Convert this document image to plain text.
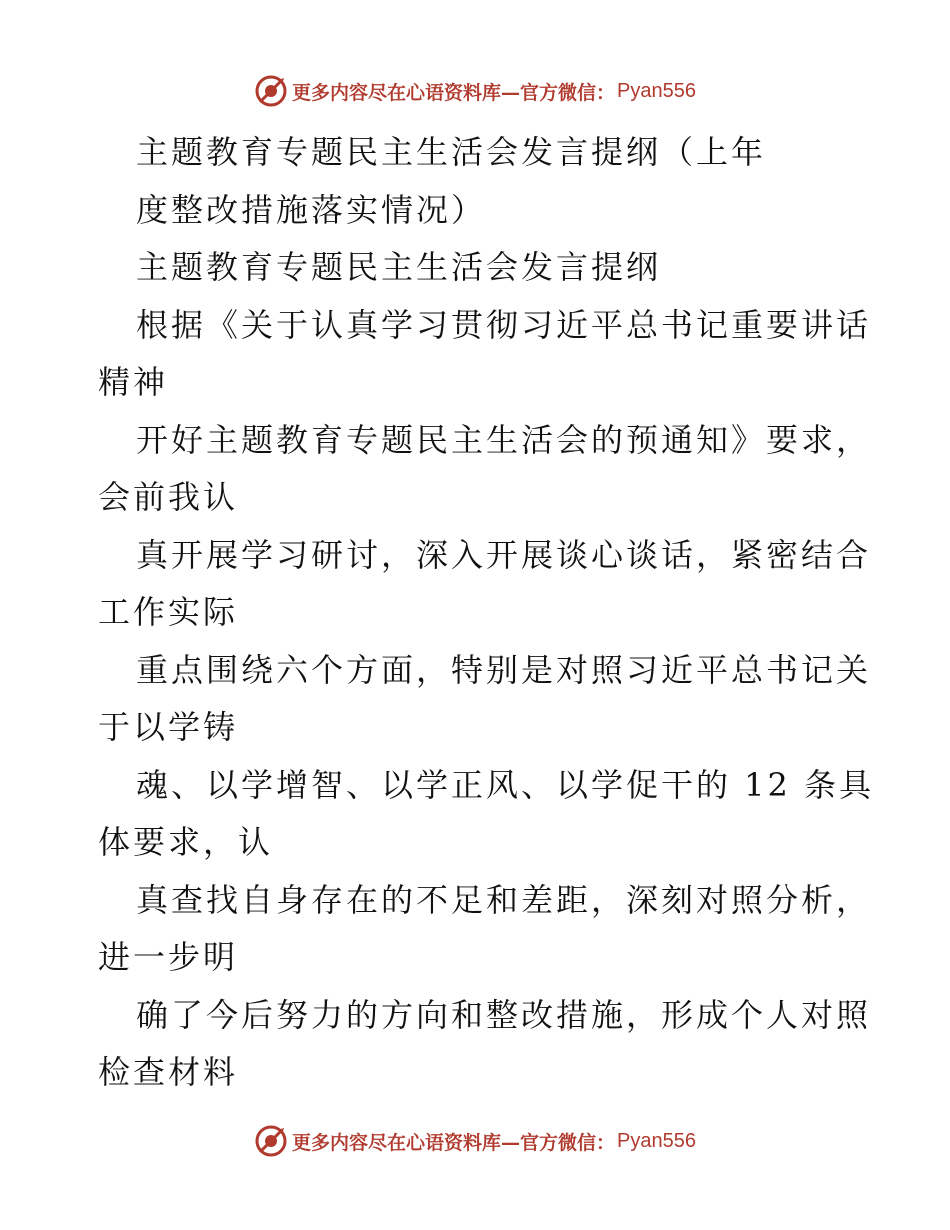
更多内容尽在心语资料库—官方微信： Pyan556
主题教育专题民主生活会发言提纲（上年
度整改措施落实情况）
主题教育专题民主生活会发言提纲
根据《关于认真学习贯彻习近平总书记重要讲话
精神
开好主题教育专题民主生活会的预通知》要求，
会前我认
真开展学习研讨，深入开展谈心谈话，紧密结合
工作实际
重点围绕六个方面，特别是对照习近平总书记关
于以学铸
魂、以学增智、以学正风、以学促干的 12 条具
体要求，认
真查找自身存在的不足和差距，深刻对照分析，
进一步明
确了今后努力的方向和整改措施，形成个人对照
检查材料
更多内容尽在心语资料库—官方微信： Pyan556
